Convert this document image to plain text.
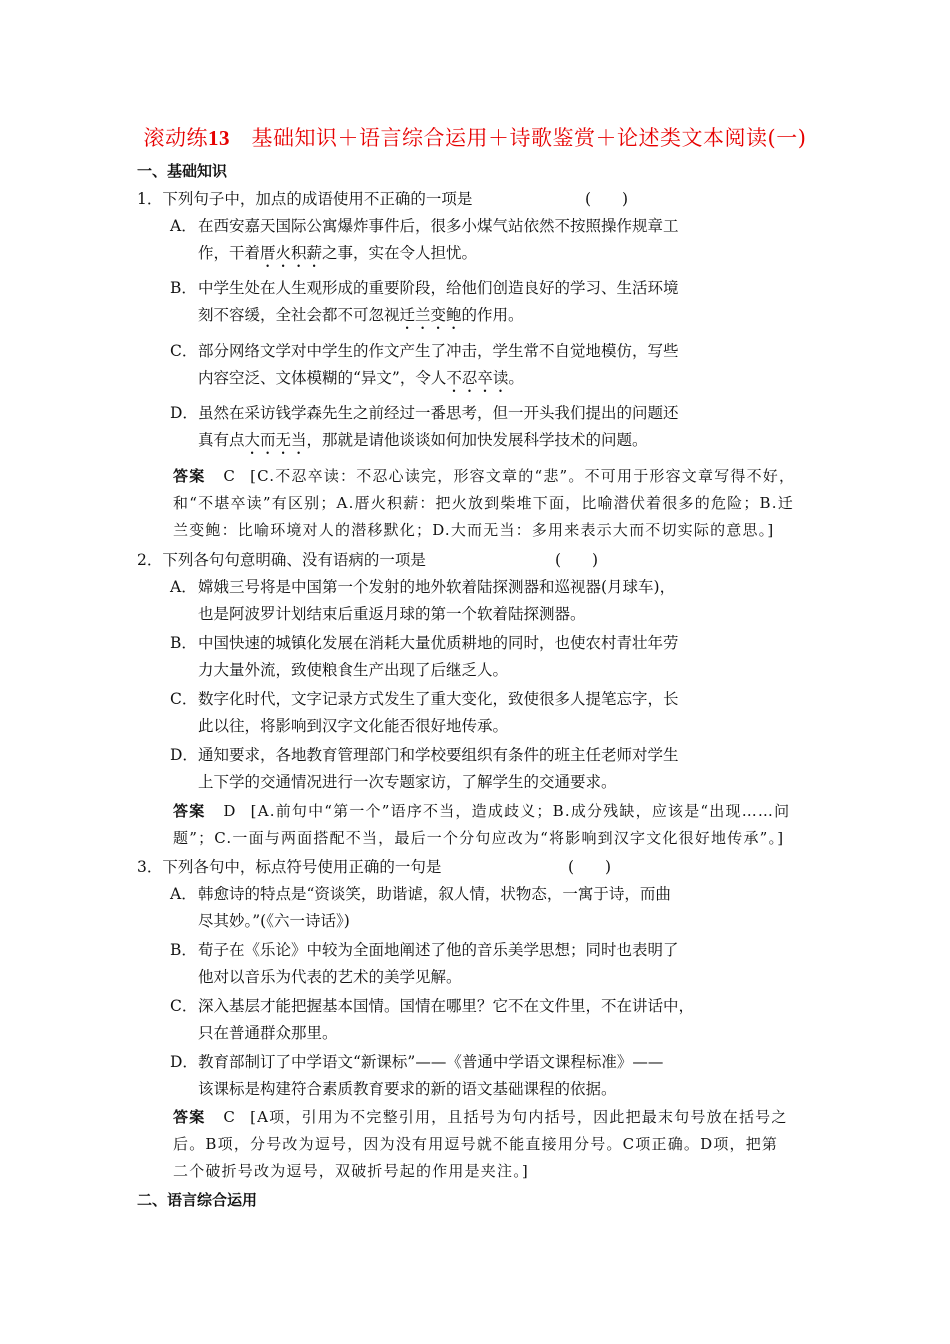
滚动练13　 基础知识＋语言综合运用＋诗歌鉴赏＋论述类文本阅读(一)
一、基础知识
1．下列句子中，加点的成语使用不正确的一项是	(　　)
A．在西安嘉天国际公寓爆炸事件后，很多小煤气站依然不按照操作规章工
作，干着厝火积薪之事，实在令人担忧。
B．中学生处在人生观形成的重要阶段，给他们创造良好的学习、生活环境
刻不容缓，全社会都不可忽视迁兰变鲍的作用。
C．部分网络文学对中学生的作文产生了冲击，学生常不自觉地模仿，写些
内容空泛、文体模糊的“异文”，令人不忍卒读。
D．虽然在采访钱学森先生之前经过一番思考，但一开头我们提出的问题还
真有点大而无当，那就是请他谈谈如何加快发展科学技术的问题。
答案 C [C.不忍卒读：不忍心读完，形容文章的“悲”。不可用于形容文章写得不好，
和“不堪卒读”有区别；A.厝火积薪：把火放到柴堆下面，比喻潜伏着很多的危险；B.迁
兰变鲍：比喻环境对人的潜移默化；D.大而无当：多用来表示大而不切实际的意思。]
2．下列各句句意明确、没有语病的一项是	(　　)
A．嫦娥三号将是中国第一个发射的地外软着陆探测器和巡视器(月球车)，
也是阿波罗计划结束后重返月球的第一个软着陆探测器。
B．中国快速的城镇化发展在消耗大量优质耕地的同时，也使农村青壮年劳
力大量外流，致使粮食生产出现了后继乏人。
C．数字化时代，文字记录方式发生了重大变化，致使很多人提笔忘字，长
此以往，将影响到汉字文化能否很好地传承。
D．通知要求，各地教育管理部门和学校要组织有条件的班主任老师对学生
上下学的交通情况进行一次专题家访，了解学生的交通要求。
答案 D [A.前句中“第一个”语序不当，造成歧义；B.成分残缺，应该是“出现……问
题”；C.一面与两面搭配不当，最后一个分句应改为“将影响到汉字文化很好地传承”。]
3．下列各句中，标点符号使用正确的一句是	(　　)
A．韩愈诗的特点是“资谈笑，助谐谑，叙人情，状物态，一寓于诗，而曲
尽其妙。”(《六一诗话》)
B．荀子在《乐论》中较为全面地阐述了他的音乐美学思想；同时也表明了
他对以音乐为代表的艺术的美学见解。
C．深入基层才能把握基本国情。国情在哪里？它不在文件里，不在讲话中，
只在普通群众那里。
D．教育部制订了中学语文“新课标”——《普通中学语文课程标准》——
该课标是构建符合素质教育要求的新的语文基础课程的依据。
答案 C [A项，引用为不完整引用，且括号为句内括号，因此把最末句号放在括号之
后。B项，分号改为逗号，因为没有用逗号就不能直接用分号。C项正确。D项，把第
二个破折号改为逗号，双破折号起的作用是夹注。]
二、语言综合运用
